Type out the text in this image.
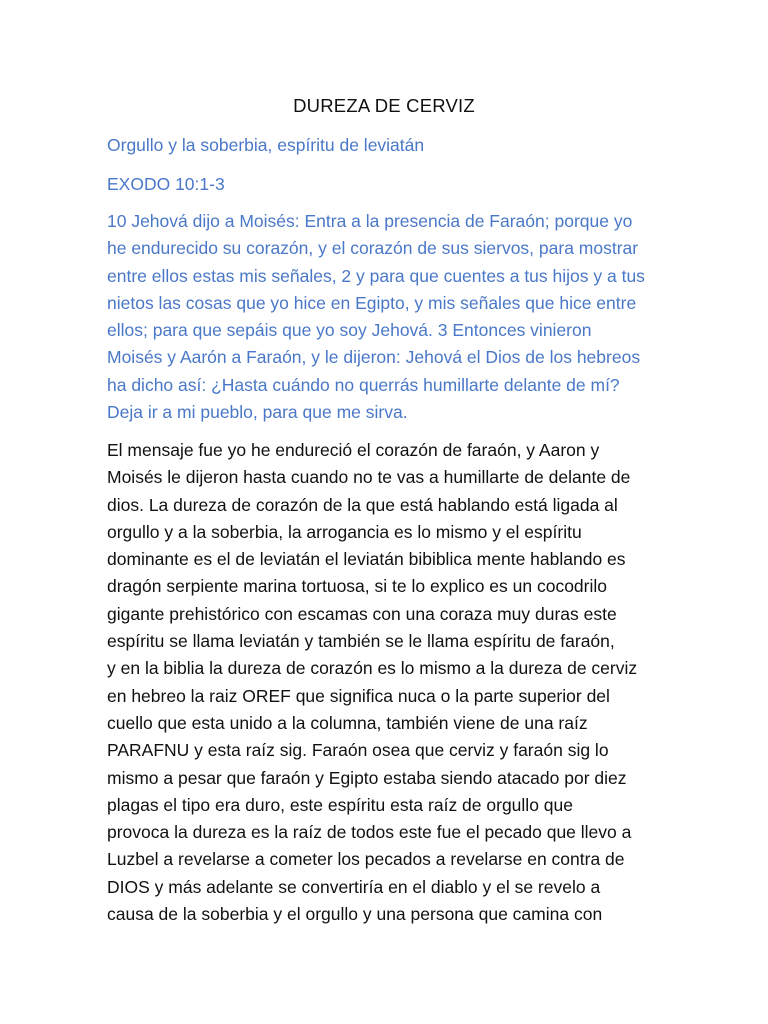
DUREZA DE CERVIZ
Orgullo y la soberbia, espíritu de leviatán
EXODO 10:1-3
10 Jehová dijo a Moisés: Entra a la presencia de Faraón; porque yo
he endurecido su corazón, y el corazón de sus siervos, para mostrar
entre ellos estas mis señales, 2 y para que cuentes a tus hijos y a tus
nietos las cosas que yo hice en Egipto, y mis señales que hice entre
ellos; para que sepáis que yo soy Jehová. 3 Entonces vinieron
Moisés y Aarón a Faraón, y le dijeron: Jehová el Dios de los hebreos
ha dicho así: ¿Hasta cuándo no querrás humillarte delante de mí?
Deja ir a mi pueblo, para que me sirva.
El mensaje fue yo he endureció el corazón de faraón, y Aaron y
Moisés le dijeron hasta cuando no te vas a humillarte de delante de
dios. La dureza de corazón de la que está hablando está ligada al
orgullo y a la soberbia, la arrogancia es lo mismo y el espíritu
dominante es el de leviatán el leviatán bibiblica mente hablando es
dragón serpiente marina tortuosa, si te lo explico es un cocodrilo
gigante prehistórico con escamas con una coraza muy duras este
espíritu se llama leviatán y también se le llama espíritu de faraón,
y en la biblia la dureza de corazón es lo mismo a la dureza de cerviz
en hebreo la raiz OREF que significa nuca o la parte superior del
cuello que esta unido a la columna, también viene de una raíz
PARAFNU y esta raíz sig. Faraón osea que cerviz y faraón sig lo
mismo a pesar que faraón y Egipto estaba siendo atacado por diez
plagas el tipo era duro, este espíritu esta raíz de orgullo que
provoca la dureza es la raíz de todos este fue el pecado que llevo a
Luzbel a revelarse a cometer los pecados a revelarse en contra de
DIOS y más adelante se convertiría en el diablo y el se revelo a
causa de la soberbia y el orgullo y una persona que camina con
